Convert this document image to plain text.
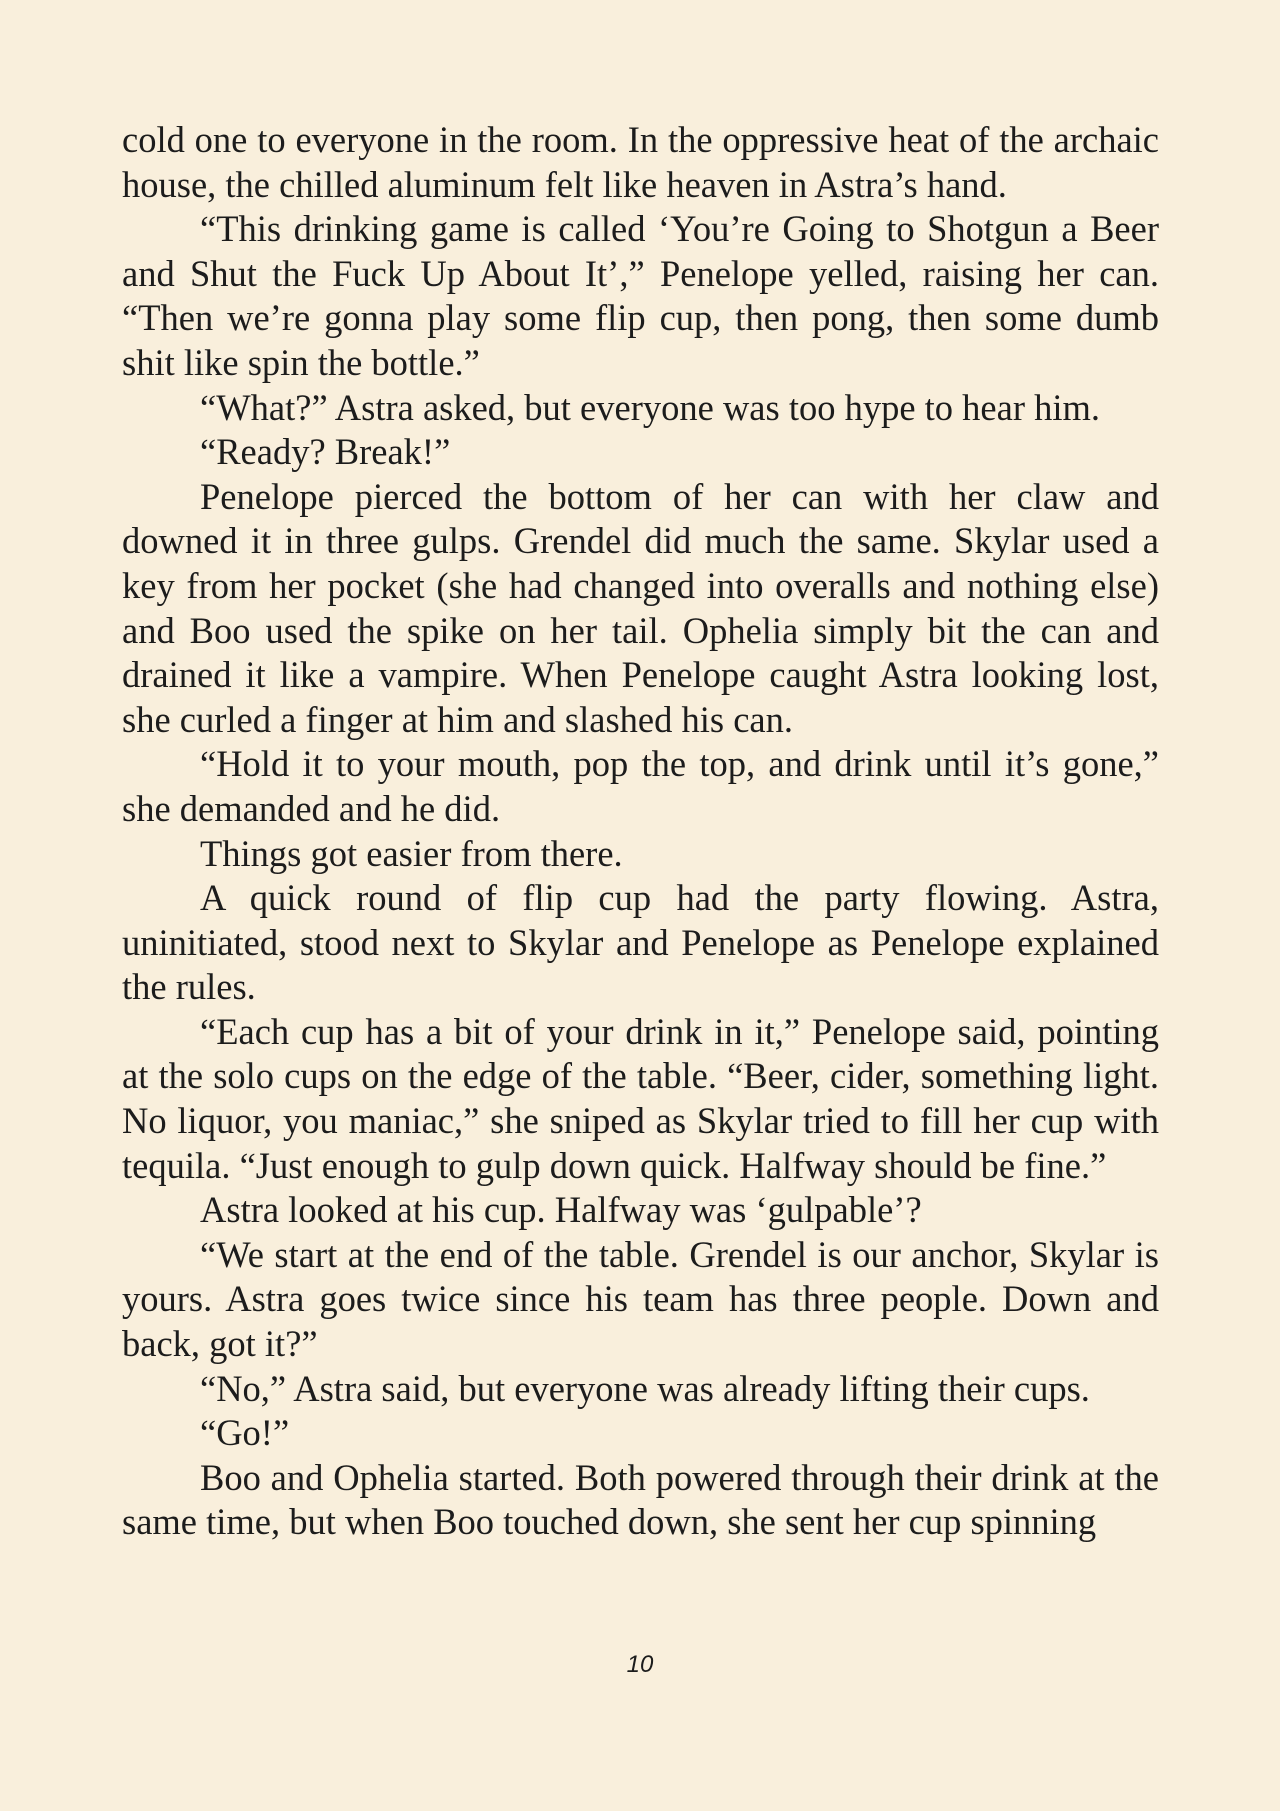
cold one to everyone in the room. In the oppressive heat of the archaic house, the chilled aluminum felt like heaven in Astra’s hand.

“This drinking game is called ‘You’re Going to Shotgun a Beer and Shut the Fuck Up About It’,” Penelope yelled, raising her can. “Then we’re gonna play some flip cup, then pong, then some dumb shit like spin the bottle.”

“What?” Astra asked, but everyone was too hype to hear him.

“Ready? Break!”

Penelope pierced the bottom of her can with her claw and downed it in three gulps. Grendel did much the same. Skylar used a key from her pocket (she had changed into overalls and nothing else) and Boo used the spike on her tail. Ophelia simply bit the can and drained it like a vampire. When Penelope caught Astra looking lost, she curled a finger at him and slashed his can.

“Hold it to your mouth, pop the top, and drink until it’s gone,” she demanded and he did.

Things got easier from there.

A quick round of flip cup had the party flowing. Astra, uninitiated, stood next to Skylar and Penelope as Penelope explained the rules.

“Each cup has a bit of your drink in it,” Penelope said, pointing at the solo cups on the edge of the table. “Beer, cider, something light. No liquor, you maniac,” she sniped as Skylar tried to fill her cup with tequila. “Just enough to gulp down quick. Halfway should be fine.”

Astra looked at his cup. Halfway was ‘gulpable’?

“We start at the end of the table. Grendel is our anchor, Skylar is yours. Astra goes twice since his team has three people. Down and back, got it?”

“No,” Astra said, but everyone was already lifting their cups.

“Go!”

Boo and Ophelia started. Both powered through their drink at the same time, but when Boo touched down, she sent her cup spinning

10
